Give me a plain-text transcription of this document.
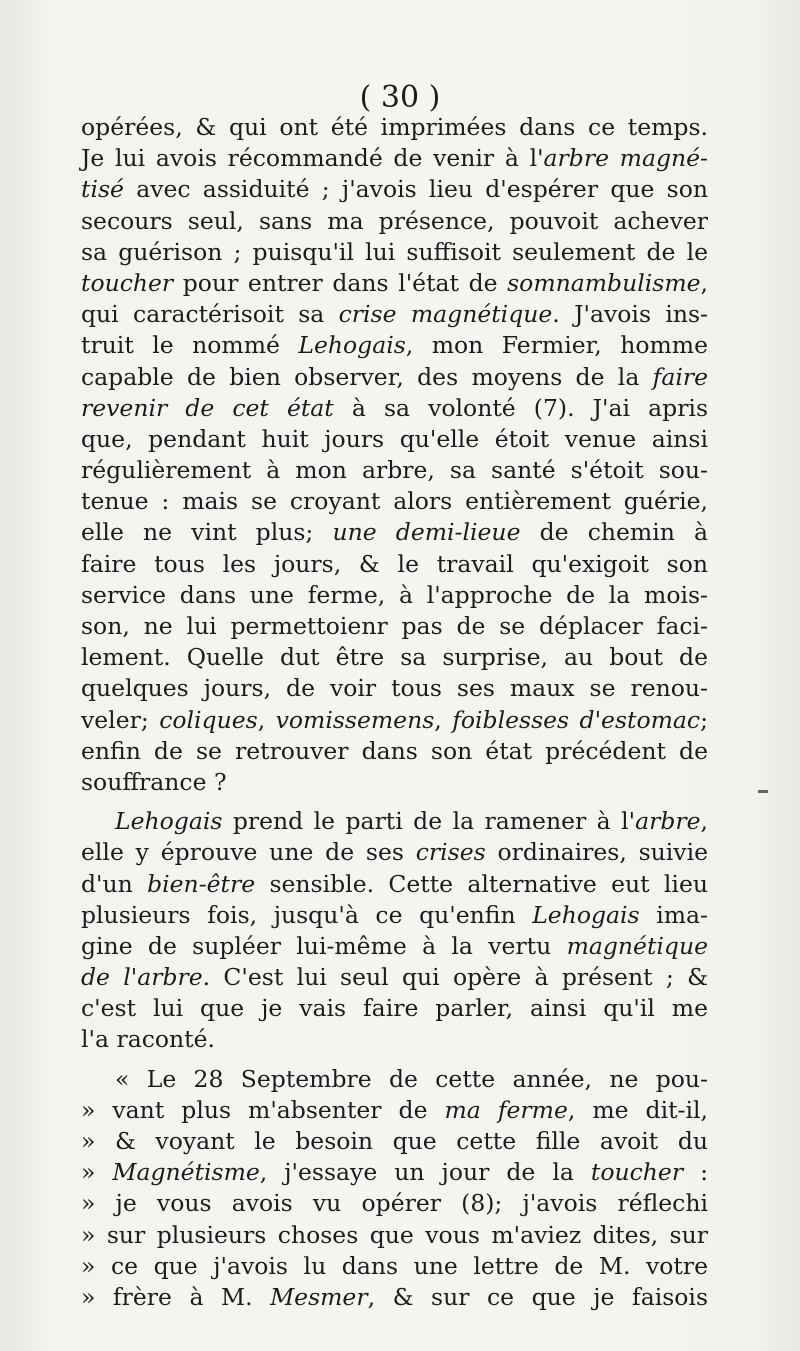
( 30 )
opérées, & qui ont été imprimées dans ce temps.
Je lui avois récommandé de venir à l'arbre magné-
tisé avec assiduité ; j'avois lieu d'espérer que son
secours seul, sans ma présence, pouvoit achever
sa guérison ; puisqu'il lui suffisoit seulement de le
toucher pour entrer dans l'état de somnambulisme,
qui caractérisoit sa crise magnétique. J'avois ins-
truit le nommé Lehogais, mon Fermier, homme
capable de bien observer, des moyens de la faire
revenir de cet état à sa volonté (7). J'ai apris
que, pendant huit jours qu'elle étoit venue ainsi
régulièrement à mon arbre, sa santé s'étoit sou-
tenue : mais se croyant alors entièrement guérie,
elle ne vint plus; une demi-lieue de chemin à
faire tous les jours, & le travail qu'exigoit son
service dans une ferme, à l'approche de la mois-
son, ne lui permettoienr pas de se déplacer faci-
lement. Quelle dut être sa surprise, au bout de
quelques jours, de voir tous ses maux se renou-
veler; coliques, vomissemens, foiblesses d'estomac;
enfin de se retrouver dans son état précédent de
souffrance ?
Lehogais prend le parti de la ramener à l'arbre,
elle y éprouve une de ses crises ordinaires, suivie
d'un bien-être sensible. Cette alternative eut lieu
plusieurs fois, jusqu'à ce qu'enfin Lehogais ima-
gine de supléer lui-même à la vertu magnétique
de l'arbre. C'est lui seul qui opère à présent ; &
c'est lui que je vais faire parler, ainsi qu'il me
l'a raconté.
« Le 28 Septembre de cette année, ne pou-
» vant plus m'absenter de ma ferme, me dit-il,
» & voyant le besoin que cette fille avoit du
» Magnétisme, j'essaye un jour de la toucher :
» je vous avois vu opérer (8); j'avois réflechi
» sur plusieurs choses que vous m'aviez dites, sur
» ce que j'avois lu dans une lettre de M. votre
» frère à M. Mesmer, & sur ce que je faisois
